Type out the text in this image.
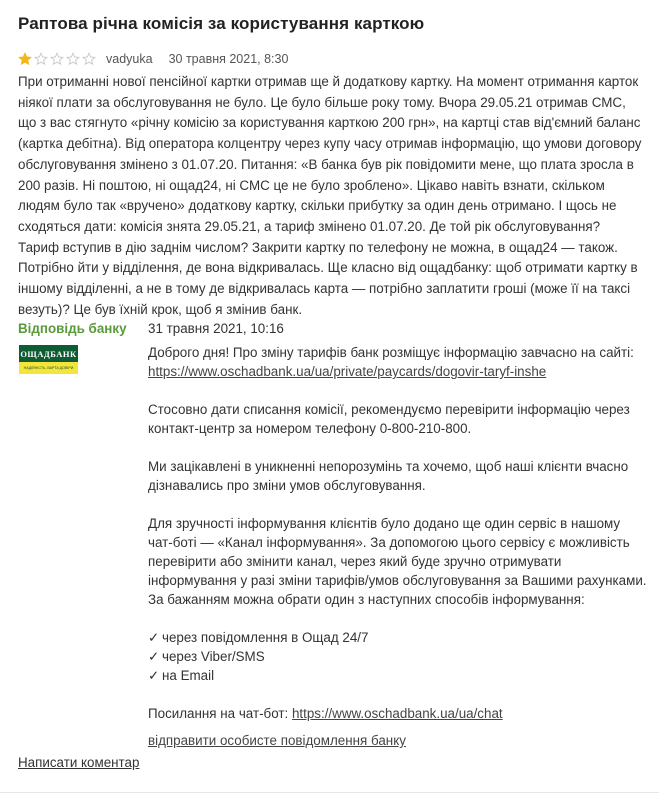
Раптова річна комісія за користування карткою
vadyuka 30 травня 2021, 8:30

При отриманні нової пенсійної картки отримав ще й додаткову картку. На момент отримання карток ніякої плати за обслуговування не було. Це було більше року тому. Вчора 29.05.21 отримав СМС, що з вас стягнуто «річну комісію за користування карткою 200 грн», на картці став від'ємний баланс (картка дебітна). Від оператора колцентру через купу часу отримав інформацію, що умови договору обслуговування змінено з 01.07.20. Питання: «В банка був рік повідомити мене, що плата зросла в 200 разів. Ні поштою, ні ощад24, ні СМС це не було зроблено». Цікаво навіть взнати, скільком людям було так «вручено» додаткову картку, скільки прибутку за один день отримано. І щось не сходяться дати: комісія знята 29.05.21, а тариф змінено 01.07.20. Де той рік обслуговування? Тариф вступив в дію заднім числом? Закрити картку по телефону не можна, в ощад24 — також. Потрібно йти у відділення, де вона відкривалась. Ще класно від ощадбанку: щоб отримати картку в іншому відділенні, а не в тому де відкривалась карта — потрібно заплатити гроші (може її на таксі везуть)? Це був їхній крок, щоб я змінив банк.

Відповідь банку 31 травня 2021, 10:16
ОЩАДБАНК
НАДІЙНІСТЬ, ВАРТА ДОВІРИ

Доброго дня! Про зміну тарифів банк розміщує інформацію завчасно на сайті: https://www.oschadbank.ua/ua/private/paycards/dogovir-taryf-inshe

Стосовно дати списання комісії, рекомендуємо перевірити інформацію через контакт-центр за номером телефону 0-800-210-800.

Ми зацікавлені в уникненні непорозумінь та хочемо, щоб наші клієнти вчасно дізнавались про зміни умов обслуговування.

Для зручності інформування клієнтів було додано ще один сервіс в нашому чат-боті — «Канал інформування». За допомогою цього сервісу є можливість перевірити або змінити канал, через який буде зручно отримувати інформування у разі зміни тарифів/умов обслуговування за Вашими рахунками.

За бажанням можна обрати один з наступних способів інформування:

✓ через повідомлення в Ощад 24/7
✓ через Viber/SMS
✓ на Email

Посилання на чат-бот: https://www.oschadbank.ua/ua/chat

відправити особисте повідомлення банку
Написати коментар
